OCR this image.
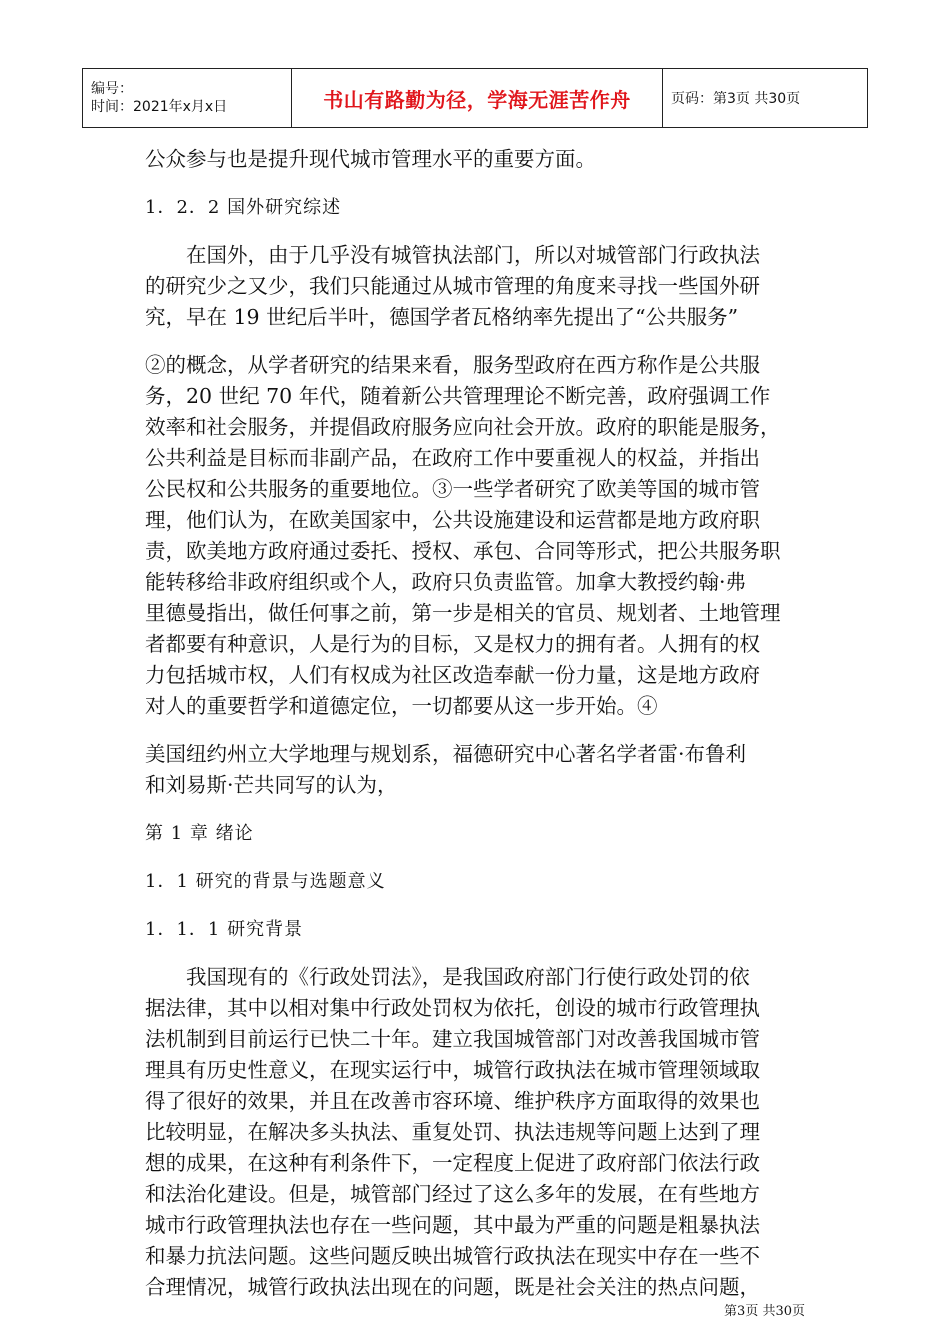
编号：
时间：2021年x月x日	书山有路勤为径，学海无涯苦作舟	页码：第3页 共30页
公众参与也是提升现代城市管理水平的重要方面。
1．2．2 国外研究综述
在国外，由于几乎没有城管执法部门，所以对城管部门行政执法
的研究少之又少，我们只能通过从城市管理的角度来寻找一些国外研
究，早在 19 世纪后半叶，德国学者瓦格纳率先提出了“公共服务”
②的概念，从学者研究的结果来看，服务型政府在西方称作是公共服
务，20 世纪 70 年代，随着新公共管理理论不断完善，政府强调工作
效率和社会服务，并提倡政府服务应向社会开放。政府的职能是服务，
公共利益是目标而非副产品，在政府工作中要重视人的权益，并指出
公民权和公共服务的重要地位。③一些学者研究了欧美等国的城市管
理，他们认为，在欧美国家中，公共设施建设和运营都是地方政府职
责，欧美地方政府通过委托、授权、承包、合同等形式，把公共服务职
能转移给非政府组织或个人，政府只负责监管。加拿大教授约翰·弗
里德曼指出，做任何事之前，第一步是相关的官员、规划者、土地管理
者都要有种意识，人是行为的目标，又是权力的拥有者。人拥有的权
力包括城市权，人们有权成为社区改造奉献一份力量，这是地方政府
对人的重要哲学和道德定位，一切都要从这一步开始。④
美国纽约州立大学地理与规划系，福德研究中心著名学者雷·布鲁利
和刘易斯·芒共同写的认为，
第 1 章 绪论
1．1 研究的背景与选题意义
1．1．1 研究背景
我国现有的《行政处罚法》，是我国政府部门行使行政处罚的依
据法律，其中以相对集中行政处罚权为依托，创设的城市行政管理执
法机制到目前运行已快二十年。建立我国城管部门对改善我国城市管
理具有历史性意义，在现实运行中，城管行政执法在城市管理领域取
得了很好的效果，并且在改善市容环境、维护秩序方面取得的效果也
比较明显，在解决多头执法、重复处罚、执法违规等问题上达到了理
想的成果，在这种有利条件下，一定程度上促进了政府部门依法行政
和法治化建设。但是，城管部门经过了这么多年的发展，在有些地方
城市行政管理执法也存在一些问题，其中最为严重的问题是粗暴执法
和暴力抗法问题。这些问题反映出城管行政执法在现实中存在一些不
合理情况，城管行政执法出现在的问题，既是社会关注的热点问题，
第3页 共30页
